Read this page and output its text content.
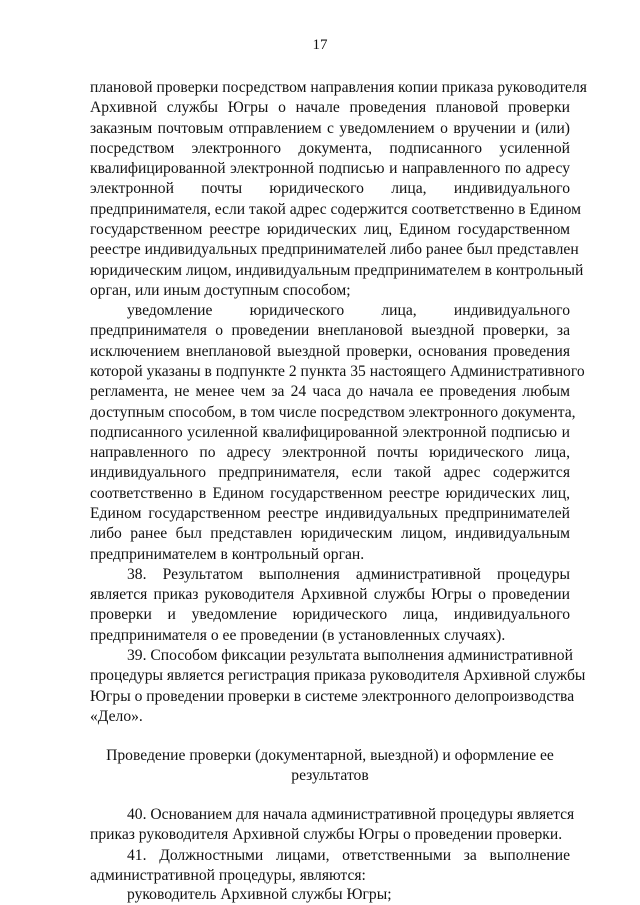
17
плановой проверки посредством направления копии приказа руководителя
Архивной службы Югры о начале проведения плановой проверки
заказным почтовым отправлением с уведомлением о вручении и (или)
посредством электронного документа, подписанного усиленной
квалифицированной электронной подписью и направленного по адресу
электронной почты юридического лица, индивидуального
предпринимателя, если такой адрес содержится соответственно в Едином
государственном реестре юридических лиц, Едином государственном
реестре индивидуальных предпринимателей либо ранее был представлен
юридическим лицом, индивидуальным предпринимателем в контрольный
орган, или иным доступным способом;
уведомление юридического лица, индивидуального
предпринимателя о проведении внеплановой выездной проверки, за
исключением внеплановой выездной проверки, основания проведения
которой указаны в подпункте 2 пункта 35 настоящего Административного
регламента, не менее чем за 24 часа до начала ее проведения любым
доступным способом, в том числе посредством электронного документа,
подписанного усиленной квалифицированной электронной подписью и
направленного по адресу электронной почты юридического лица,
индивидуального предпринимателя, если такой адрес содержится
соответственно в Едином государственном реестре юридических лиц,
Едином государственном реестре индивидуальных предпринимателей
либо ранее был представлен юридическим лицом, индивидуальным
предпринимателем в контрольный орган.
38. Результатом выполнения административной процедуры
является приказ руководителя Архивной службы Югры о проведении
проверки и уведомление юридического лица, индивидуального
предпринимателя о ее проведении (в установленных случаях).
39. Способом фиксации результата выполнения административной
процедуры является регистрация приказа руководителя Архивной службы
Югры о проведении проверки в системе электронного делопроизводства
«Дело».
Проведение проверки (документарной, выездной) и оформление ее
результатов
40. Основанием для начала административной процедуры является
приказ руководителя Архивной службы Югры о проведении проверки.
41. Должностными лицами, ответственными за выполнение
административной процедуры, являются:
руководитель Архивной службы Югры;
